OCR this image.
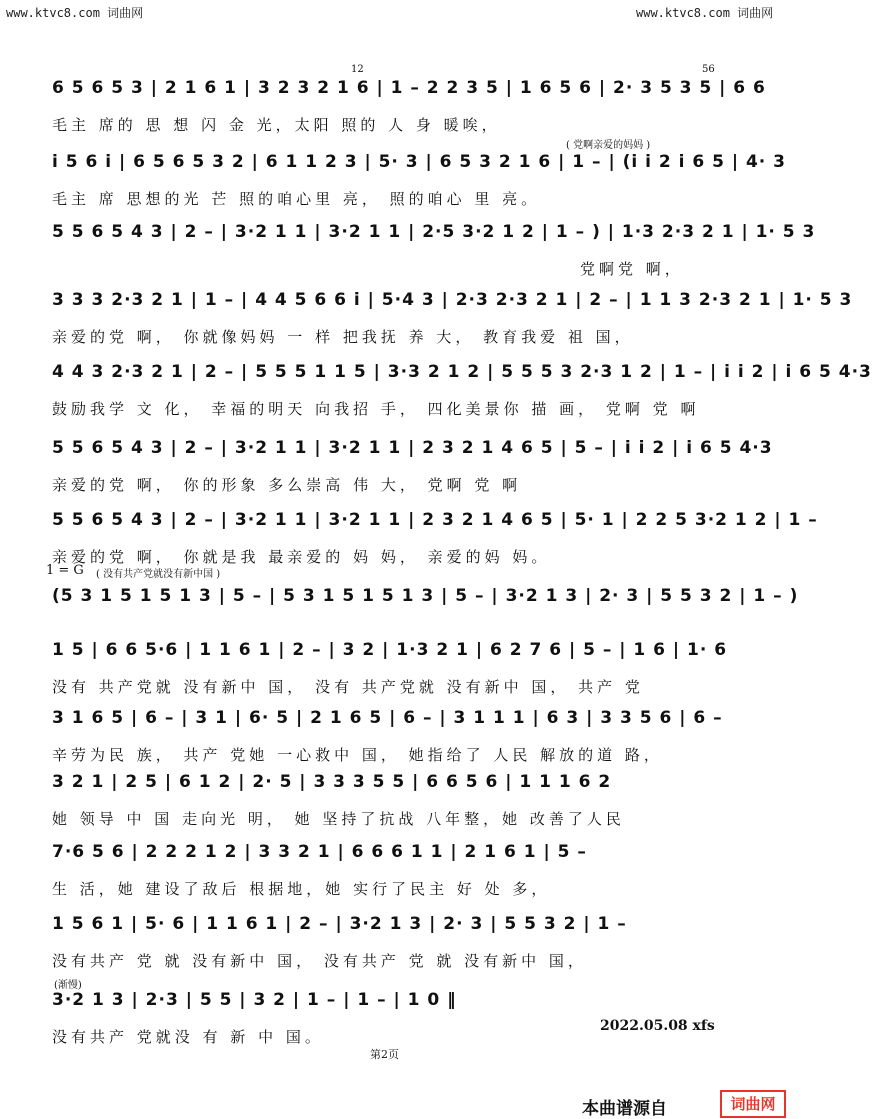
www.ktvc8.com 词曲网	www.ktvc8.com 词曲网
12	56
( 党啊亲爱的妈妈 )
1 = G ( 没有共产党就没有新中国 )
(渐慢)
6 5 6 5 3 | 2 1 6 1 | 3 2 3 2 1 6 | 1 – 2 2 3 5 | 1 6 5 6 | 2· 3 5 3 5 | 6 6
毛主 席的 思 想 闪 金 光，太阳 照的 人 身 暖唉，
i 5 6 i | 6 5 6 5 3 2 | 6 1 1 2 3 | 5· 3 | 6 5 3 2 1 6 | 1 – | (i i 2 i 6 5 | 4· 3
毛主 席 思想的光 芒 照的咱心里 亮， 照的咱心 里 亮。
5 5 6 5 4 3 | 2 – | 3·2 1 1 | 3·2 1 1 | 2·5 3·2 1 2 | 1 – ) | 1·3 2·3 2 1 | 1· 5 3
党啊党 啊，
3 3 3 2·3 2 1 | 1 – | 4 4 5 6 6 i | 5·4 3 | 2·3 2·3 2 1 | 2 – | 1 1 3 2·3 2 1 | 1· 5 3
亲爱的党 啊， 你就像妈妈 一 样 把我抚 养 大， 教育我爱 祖 国，
4 4 3 2·3 2 1 | 2 – | 5 5 5 1 1 5 | 3·3 2 1 2 | 5 5 5 3 2·3 1 2 | 1 – | i i 2 | i 6 5 4·3
鼓励我学 文 化， 幸福的明天 向我招 手， 四化美景你 描 画， 党啊 党 啊
5 5 6 5 4 3 | 2 – | 3·2 1 1 | 3·2 1 1 | 2 3 2 1 4 6 5 | 5 – | i i 2 | i 6 5 4·3
亲爱的党 啊， 你的形象 多么崇高 伟 大， 党啊 党 啊
5 5 6 5 4 3 | 2 – | 3·2 1 1 | 3·2 1 1 | 2 3 2 1 4 6 5 | 5· 1 | 2 2 5 3·2 1 2 | 1 –
亲爱的党 啊， 你就是我 最亲爱的 妈 妈， 亲爱的妈 妈。
(5 3 1 5 1 5 1 3 | 5 – | 5 3 1 5 1 5 1 3 | 5 – | 3·2 1 3 | 2· 3 | 5 5 3 2 | 1 – )
1 5 | 6 6 5·6 | 1 1 6 1 | 2 – | 3 2 | 1·3 2 1 | 6 2 7 6 | 5 – | 1 6 | 1· 6
没有 共产党就 没有新中 国， 没有 共产党就 没有新中 国， 共产 党
3 1 6 5 | 6 – | 3 1 | 6· 5 | 2 1 6 5 | 6 – | 3 1 1 1 | 6 3 | 3 3 5 6 | 6 –
辛劳为民 族， 共产 党她 一心救中 国， 她指给了 人民 解放的道 路，
3 2 1 | 2 5 | 6 1 2 | 2· 5 | 3 3 3 5 5 | 6 6 5 6 | 1 1 1 6 2
她 领导 中 国 走向光 明， 她 坚持了抗战 八年整，她 改善了人民
7·6 5 6 | 2 2 2 1 2 | 3 3 2 1 | 6 6 6 1 1 | 2 1 6 1 | 5 –
生 活，她 建设了敌后 根据地，她 实行了民主 好 处 多，
1 5 6 1 | 5· 6 | 1 1 6 1 | 2 – | 3·2 1 3 | 2· 3 | 5 5 3 2 | 1 –
没有共产 党 就 没有新中 国， 没有共产 党 就 没有新中 国，
3·2 1 3 | 2·3 | 5 5 | 3 2 | 1 – | 1 – | 1 0 ‖
没有共产 党就没 有 新 中 国。
2022.05.08 xfs
第2页
本曲谱源自	词曲网
